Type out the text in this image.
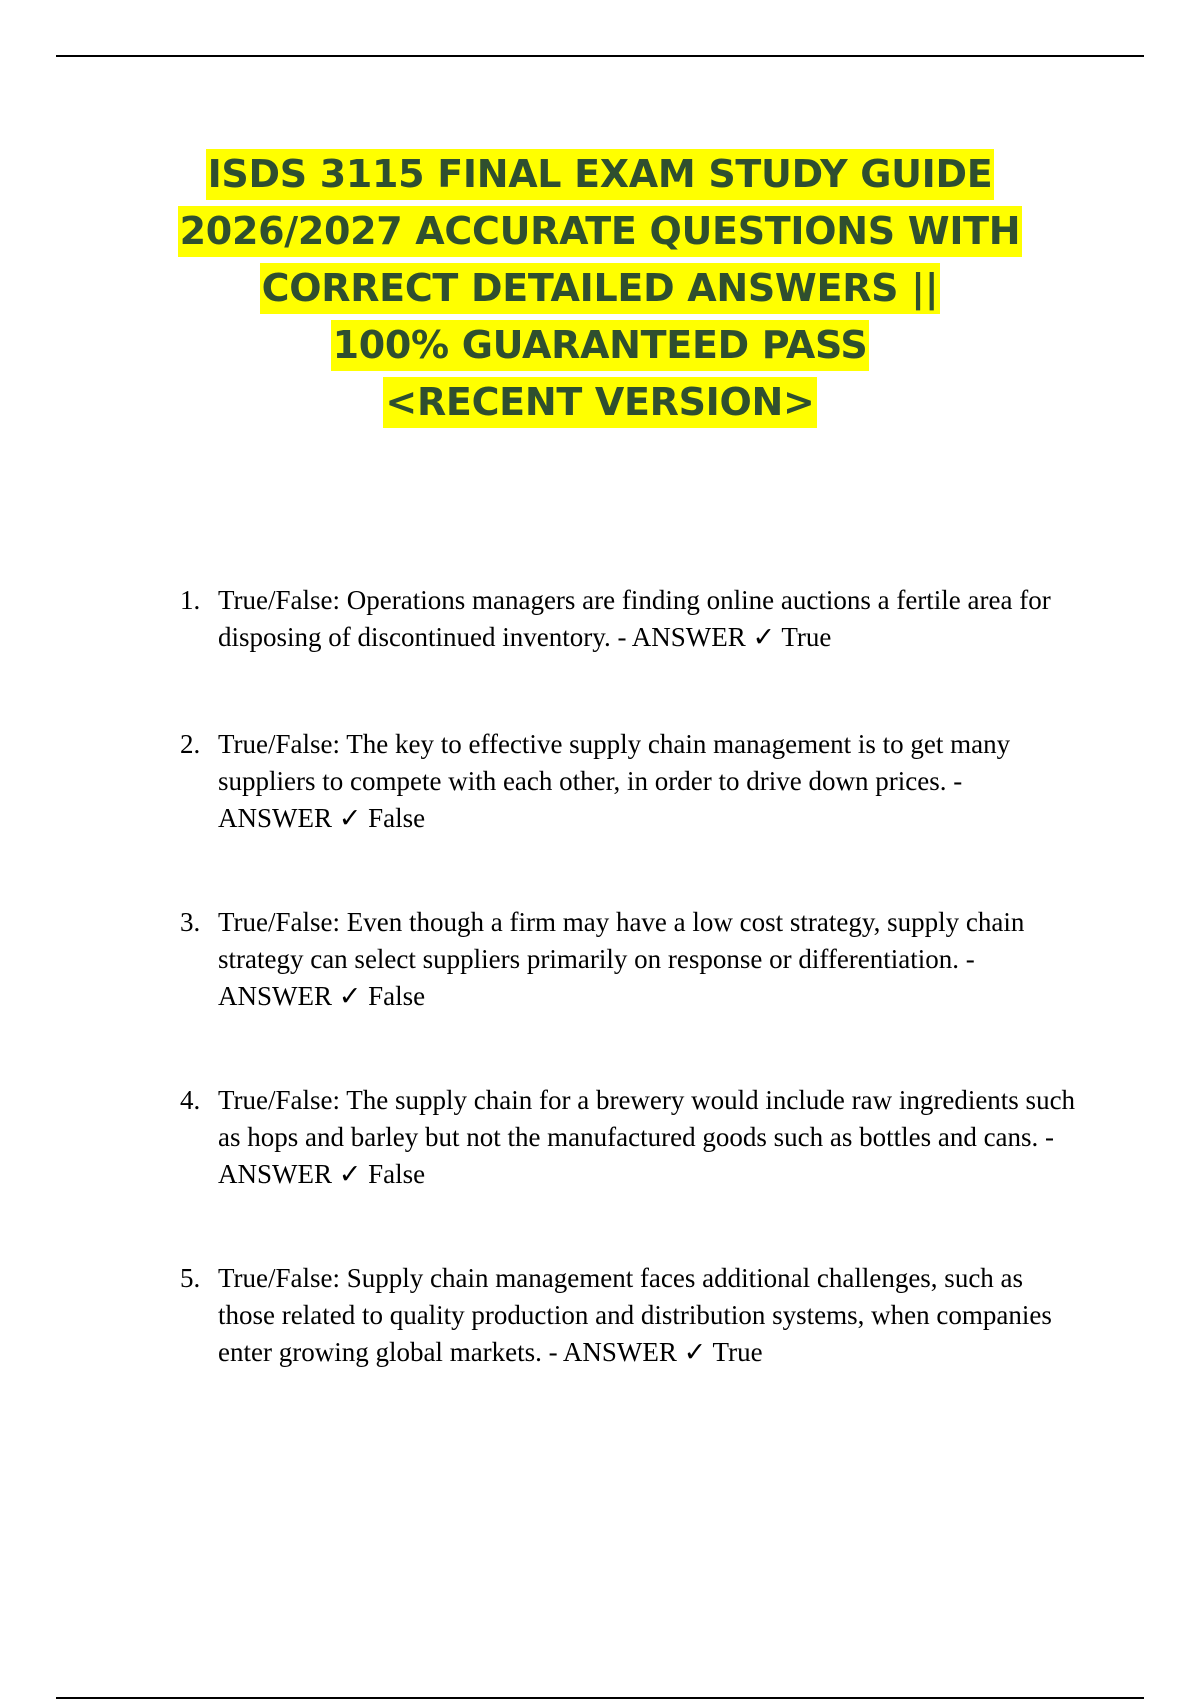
ISDS 3115 FINAL EXAM STUDY GUIDE
2026/2027 ACCURATE QUESTIONS WITH
CORRECT DETAILED ANSWERS ||
100% GUARANTEED PASS
<RECENT VERSION>
1. True/False: Operations managers are finding online auctions a fertile area for disposing of discontinued inventory. - ANSWER ✓ True
2. True/False: The key to effective supply chain management is to get many suppliers to compete with each other, in order to drive down prices. - ANSWER ✓ False
3. True/False: Even though a firm may have a low cost strategy, supply chain strategy can select suppliers primarily on response or differentiation. - ANSWER ✓ False
4. True/False: The supply chain for a brewery would include raw ingredients such as hops and barley but not the manufactured goods such as bottles and cans. - ANSWER ✓ False
5. True/False: Supply chain management faces additional challenges, such as those related to quality production and distribution systems, when companies enter growing global markets. - ANSWER ✓ True
